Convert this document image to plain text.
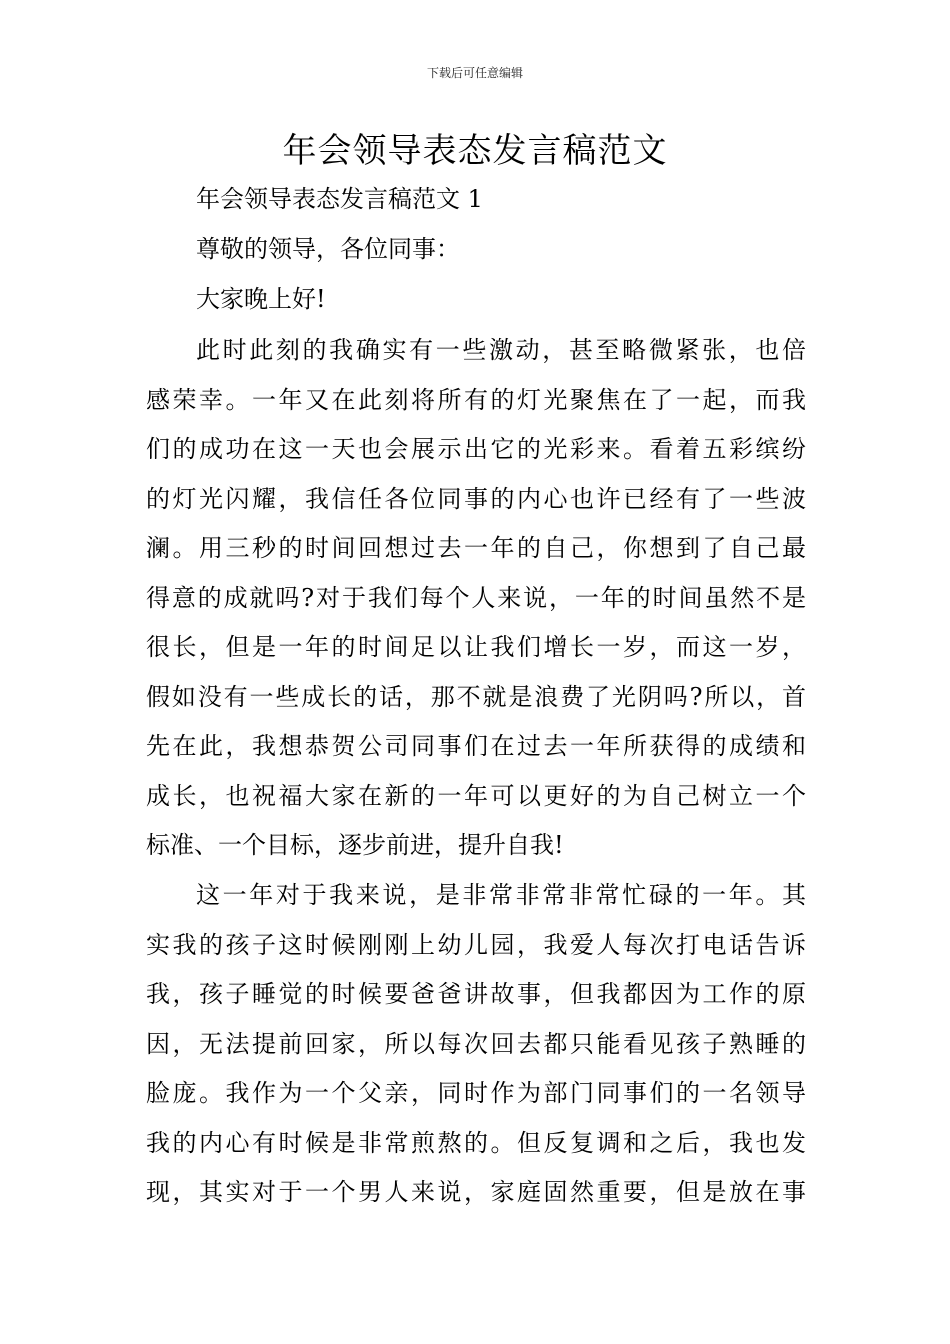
下载后可任意编辑
年会领导表态发言稿范文
年会领导表态发言稿范文 1
尊敬的领导，各位同事：
大家晚上好!
此时此刻的我确实有一些激动，甚至略微紧张，也倍
感荣幸。一年又在此刻将所有的灯光聚焦在了一起，而我
们的成功在这一天也会展示出它的光彩来。看着五彩缤纷
的灯光闪耀，我信任各位同事的内心也许已经有了一些波
澜。用三秒的时间回想过去一年的自己，你想到了自己最
得意的成就吗?对于我们每个人来说，一年的时间虽然不是
很长，但是一年的时间足以让我们增长一岁，而这一岁，
假如没有一些成长的话，那不就是浪费了光阴吗?所以，首
先在此，我想恭贺公司同事们在过去一年所获得的成绩和
成长，也祝福大家在新的一年可以更好的为自己树立一个
标准、一个目标，逐步前进，提升自我!
这一年对于我来说，是非常非常非常忙碌的一年。其
实我的孩子这时候刚刚上幼儿园，我爱人每次打电话告诉
我，孩子睡觉的时候要爸爸讲故事，但我都因为工作的原
因，无法提前回家，所以每次回去都只能看见孩子熟睡的
脸庞。我作为一个父亲，同时作为部门同事们的一名领导
我的内心有时候是非常煎熬的。但反复调和之后，我也发
现，其实对于一个男人来说，家庭固然重要，但是放在事
